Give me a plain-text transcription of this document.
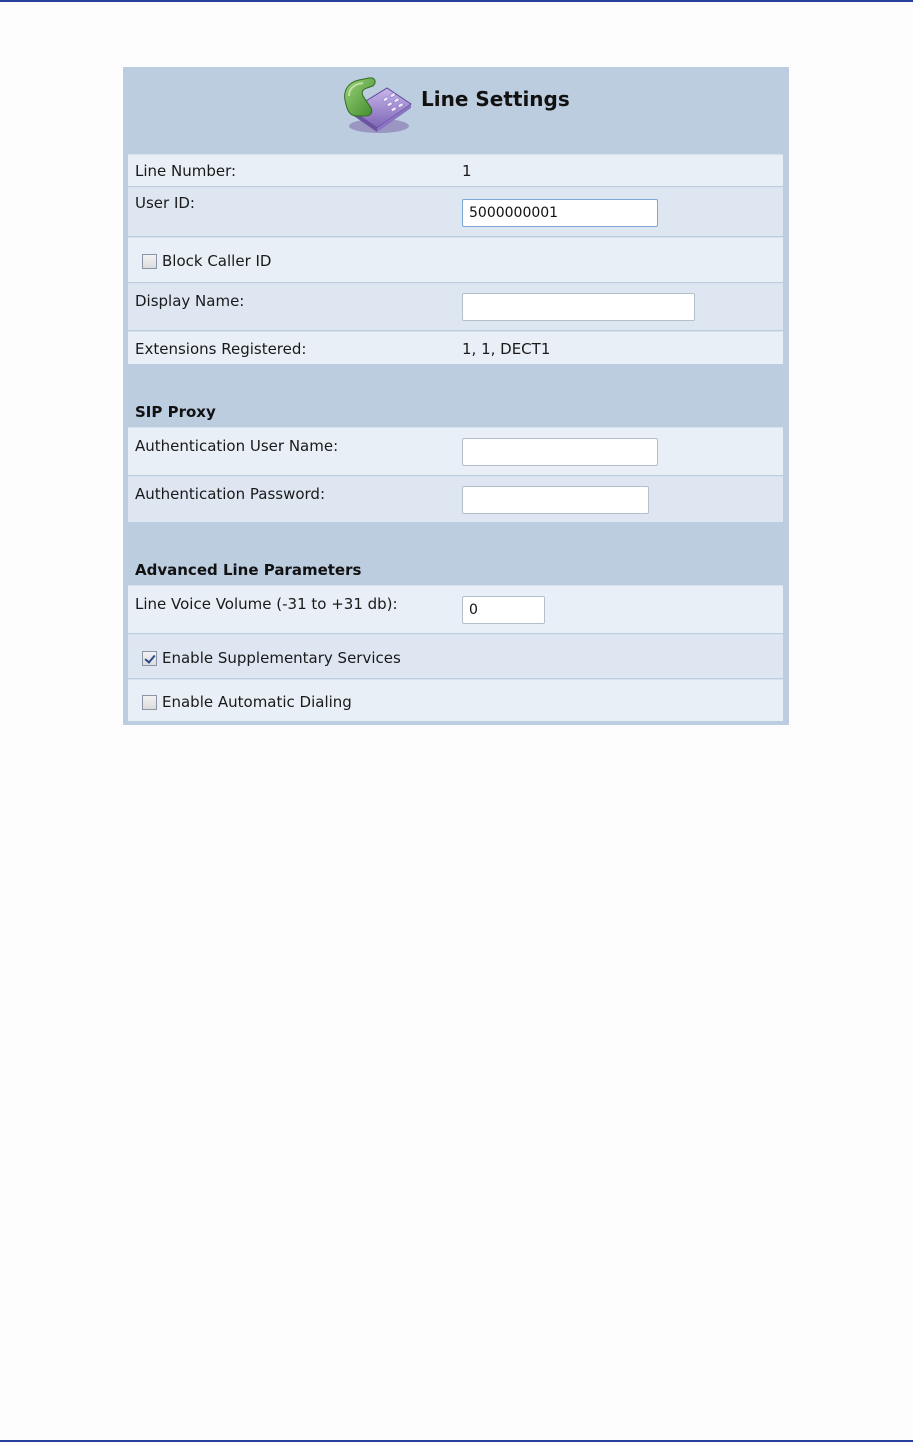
Line Settings
Line Number:	1
User ID:
5000000001
Block Caller ID
Display Name:
Extensions Registered:	1, 1, DECT1
SIP Proxy
Authentication User Name:
Authentication Password:
Advanced Line Parameters
Line Voice Volume (-31 to +31 db):
0
Enable Supplementary Services
Enable Automatic Dialing
